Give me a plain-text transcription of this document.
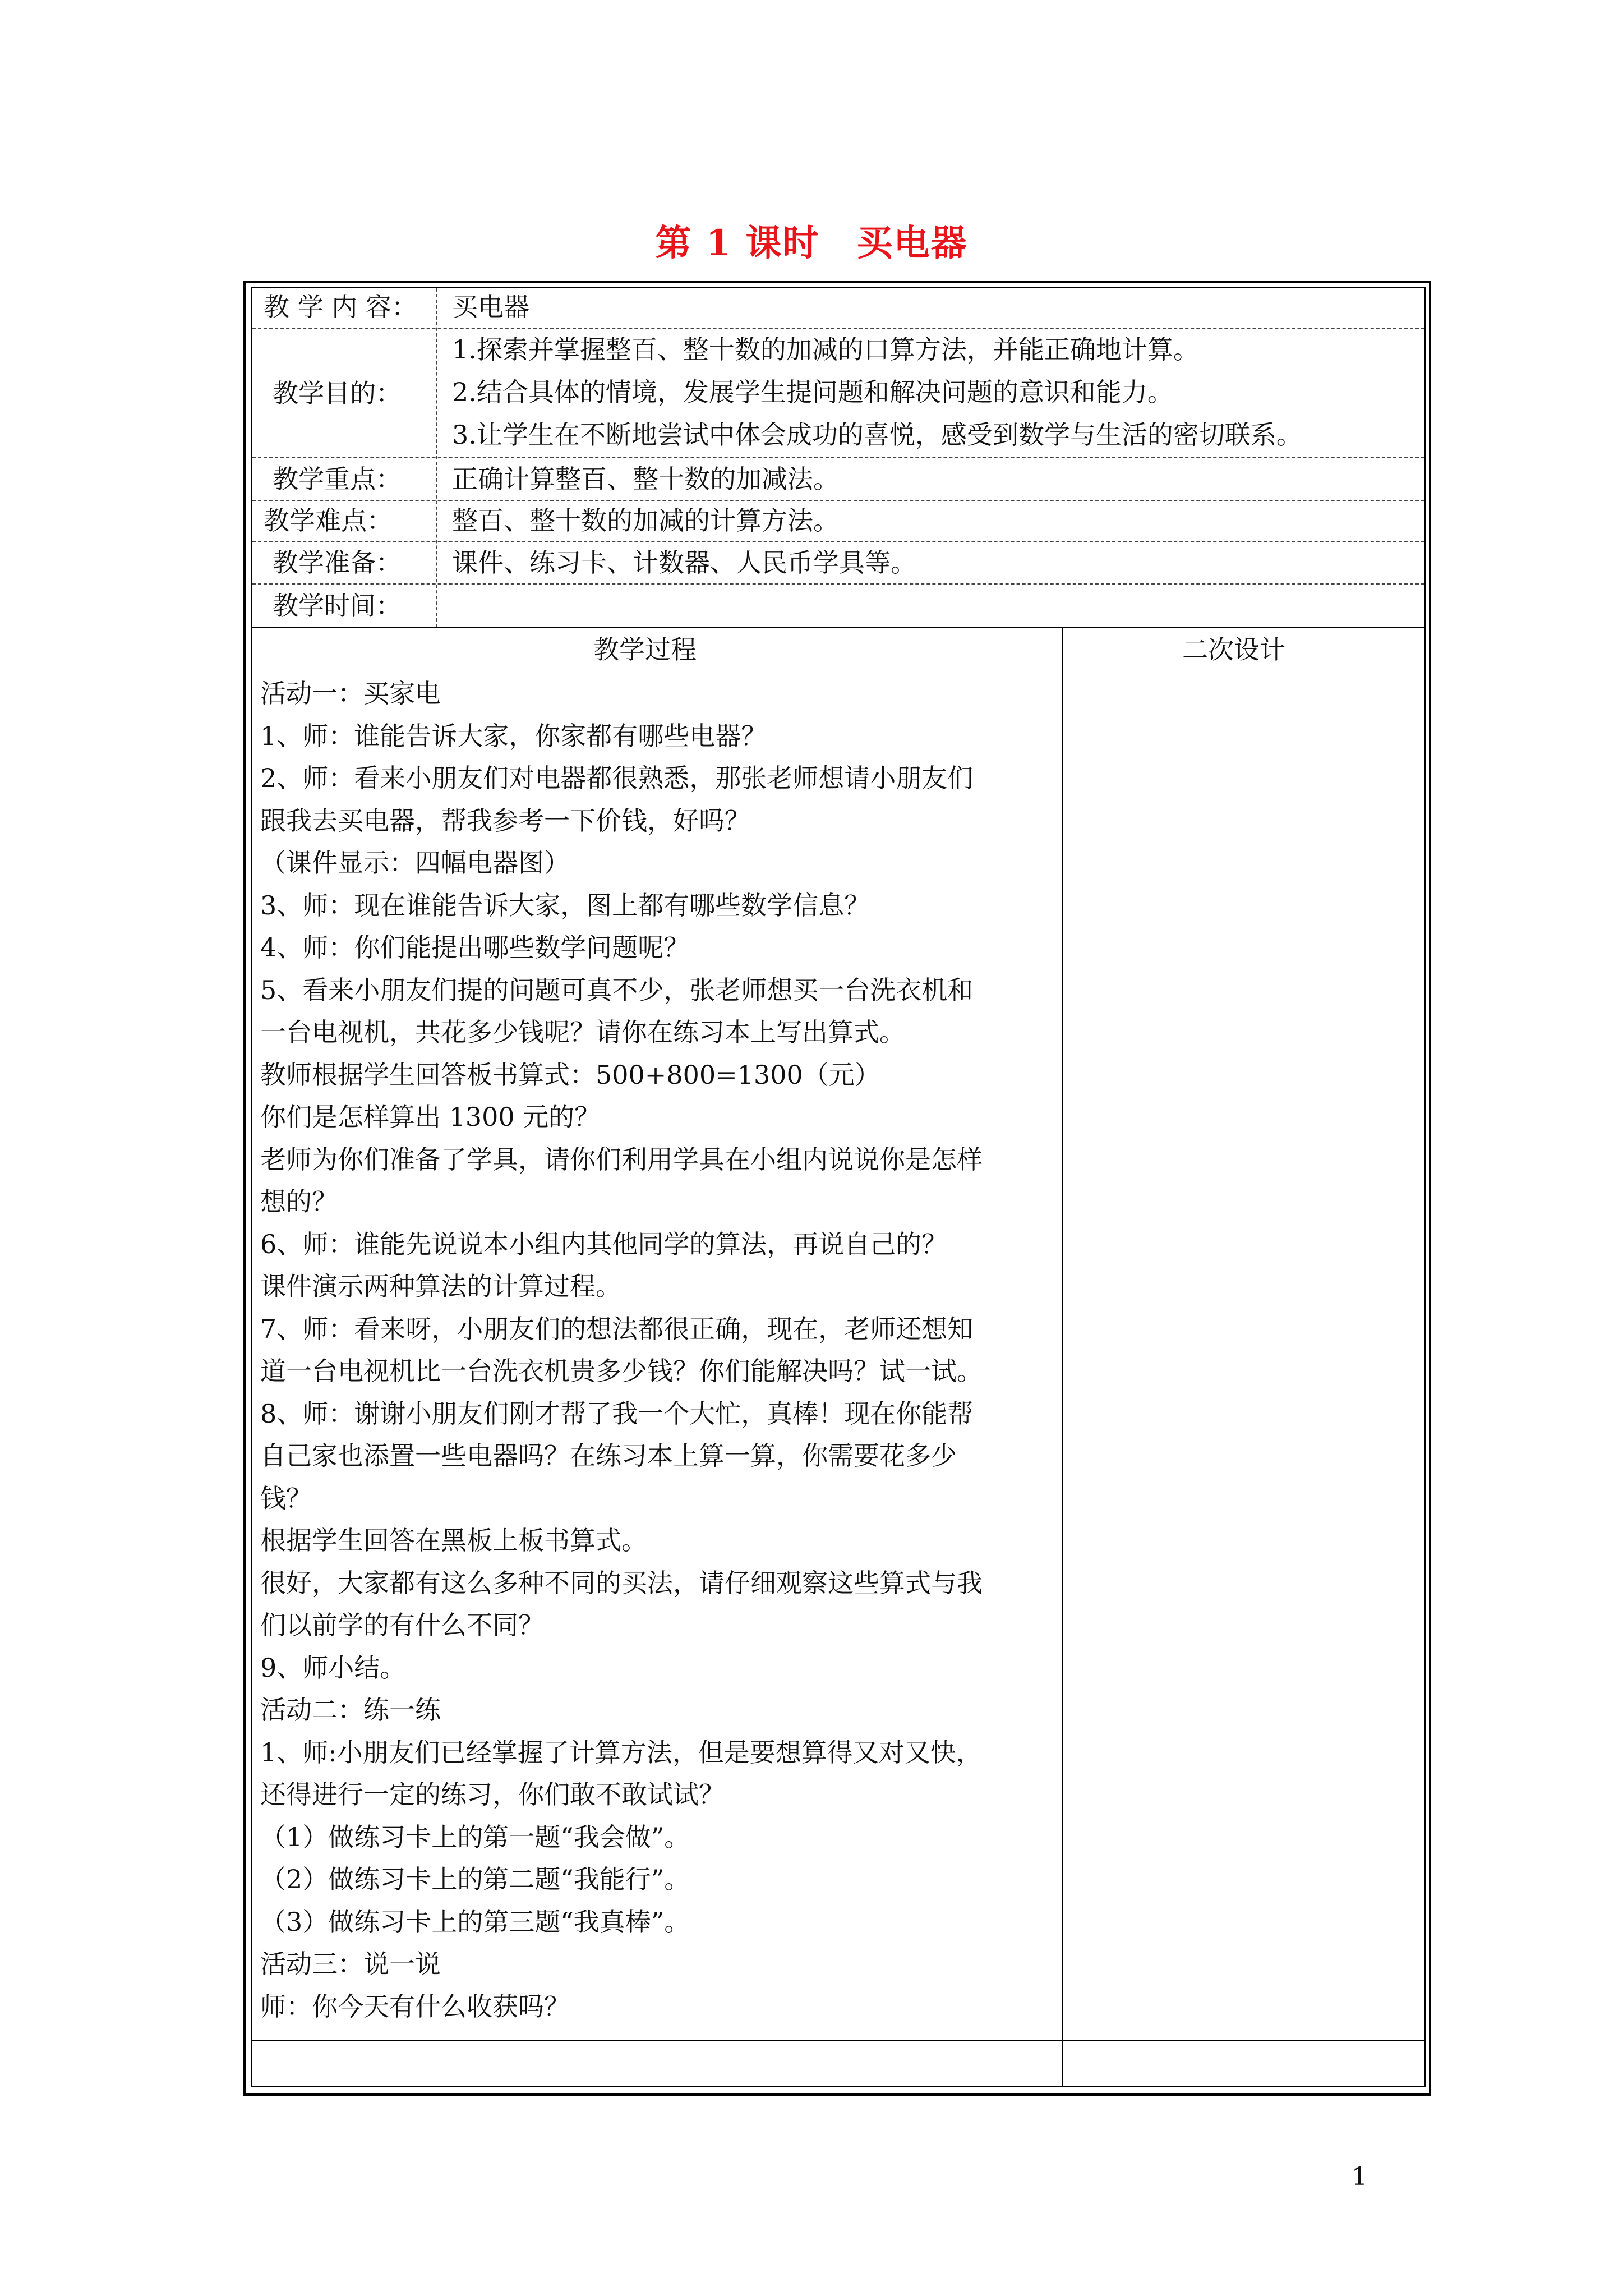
第 1 课时　买电器
教 学 内 容：
教学目的：
教学重点：
教学难点：
教学准备：
教学时间：
买电器
1.探索并掌握整百、整十数的加减的口算方法，并能正确地计算。
2.结合具体的情境，发展学生提问题和解决问题的意识和能力。
3.让学生在不断地尝试中体会成功的喜悦，感受到数学与生活的密切联系。
正确计算整百、整十数的加减法。
整百、整十数的加减的计算方法。
课件、练习卡、计数器、人民币学具等。
教学过程	二次设计
活动一：买家电
1、师：谁能告诉大家，你家都有哪些电器？
2、师：看来小朋友们对电器都很熟悉，那张老师想请小朋友们
跟我去买电器，帮我参考一下价钱，好吗？
（课件显示：四幅电器图）
3、师：现在谁能告诉大家，图上都有哪些数学信息？
4、师：你们能提出哪些数学问题呢？
5、看来小朋友们提的问题可真不少，张老师想买一台洗衣机和
一台电视机，共花多少钱呢？请你在练习本上写出算式。
教师根据学生回答板书算式：500+800=1300（元）
你们是怎样算出 1300 元的？
老师为你们准备了学具，请你们利用学具在小组内说说你是怎样
想的？
6、师：谁能先说说本小组内其他同学的算法，再说自己的？
课件演示两种算法的计算过程。
7、师：看来呀，小朋友们的想法都很正确，现在，老师还想知
道一台电视机比一台洗衣机贵多少钱？你们能解决吗？试一试。
8、师：谢谢小朋友们刚才帮了我一个大忙，真棒！现在你能帮
自己家也添置一些电器吗？在练习本上算一算，你需要花多少
钱？
根据学生回答在黑板上板书算式。
很好，大家都有这么多种不同的买法，请仔细观察这些算式与我
们以前学的有什么不同？
9、师小结。
活动二：练一练
1、师:小朋友们已经掌握了计算方法，但是要想算得又对又快，
还得进行一定的练习，你们敢不敢试试？
（1）做练习卡上的第一题“我会做”。
（2）做练习卡上的第二题“我能行”。
（3）做练习卡上的第三题“我真棒”。
活动三：说一说
师：你今天有什么收获吗？
1
